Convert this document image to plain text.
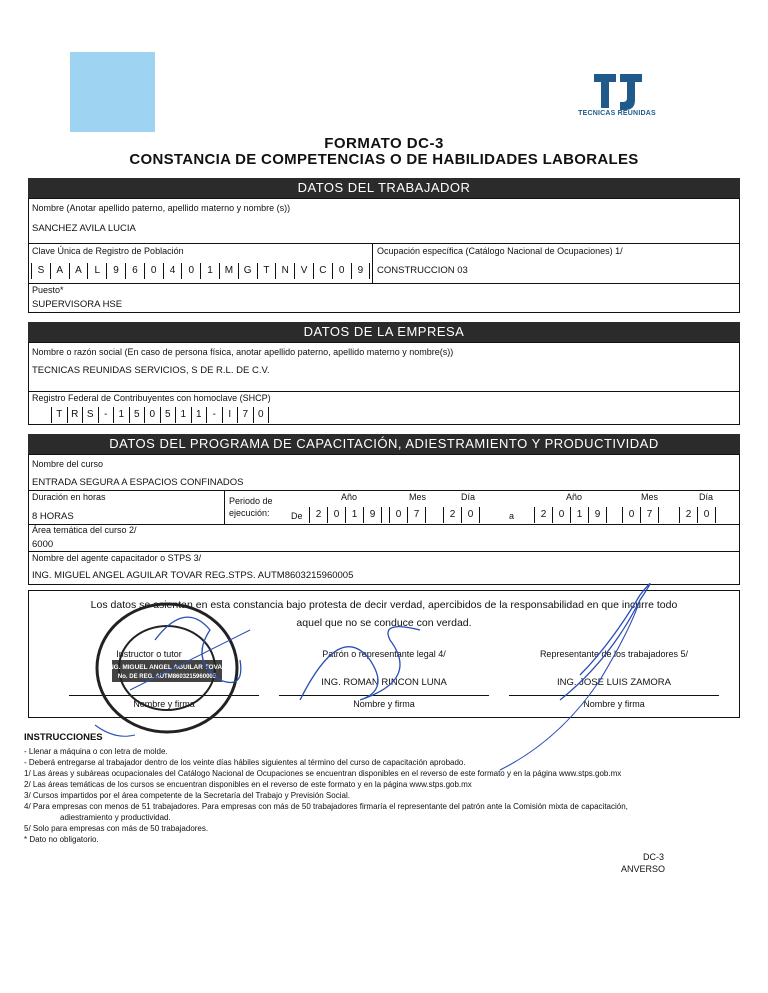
TECNICAS REUNIDAS
FORMATO DC-3
CONSTANCIA DE COMPETENCIAS O DE HABILIDADES LABORALES
DATOS DEL TRABAJADOR
Nombre (Anotar apellido paterno, apellido materno y nombre (s))
SANCHEZ AVILA LUCIA
Clave Única de Registro de Población	Ocupación específica (Catálogo Nacional de Ocupaciones) 1/
S	A	A	L	9	6	0	4	0	1	M	G	T	N	V	C	0	9	CONSTRUCCION 03
Puesto*
SUPERVISORA HSE
DATOS DE LA EMPRESA
Nombre o razón social (En caso de persona física, anotar apellido paterno, apellido materno y nombre(s))
TECNICAS REUNIDAS SERVICIOS, S DE R.L. DE C.V.
Registro Federal de Contribuyentes con homoclave (SHCP)
T R S	-	1 5 0 5 1 1	-	I	7 0
DATOS DEL PROGRAMA DE CAPACITACIÓN, ADIESTRAMIENTO Y PRODUCTIVIDAD
Nombre del curso
ENTRADA SEGURA A ESPACIOS CONFINADOS
Duración en horas
8 HORAS
Periodo de ejecución:	De	a
Año	Mes	Día	Año	Mes	Día
2	0	1	9	0	7	2	0	2	0	1	9	0	7	2	0
Área temática del curso 2/
6000
Nombre del agente capacitador o STPS 3/
ING. MIGUEL ANGEL AGUILAR TOVAR REG.STPS. AUTM8603215960005
Los datos se asientan en esta constancia bajo protesta de decir verdad, apercibidos de la responsabilidad en que incurre todo
aquel que no se conduce con verdad.
Instructor o tutor
Nombre y firma
Patrón o representante legal 4/
ING. ROMAN RINCON LUNA
Nombre y firma
Representante de los trabajadores 5/
ING. JOSE LUIS ZAMORA
Nombre y firma
ING. MIGUEL ANGEL AGUILAR TOVAR
No. DE REG. AUTM8603215960005
INSTRUCCIONES
- Llenar a máquina o con letra de molde.
- Deberá entregarse al trabajador dentro de los veinte días hábiles siguientes al término del curso de capacitación aprobado.
1/ Las áreas y subáreas ocupacionales del Catálogo Nacional de Ocupaciones se encuentran disponibles en el reverso de este formato y en la página www.stps.gob.mx
2/ Las áreas temáticas de los cursos se encuentran disponibles en el reverso de este formato y en la página www.stps.gob.mx
3/ Cursos impartidos por el área competente de la Secretaría del Trabajo y Previsión Social.
4/ Para empresas con menos de 51 trabajadores. Para empresas con más de 50 trabajadores firmaría el representante del patrón ante la Comisión mixta de capacitación,
adiestramiento y productividad.
5/ Solo para empresas con más de 50 trabajadores.
* Dato no obligatorio.
DC-3
ANVERSO
